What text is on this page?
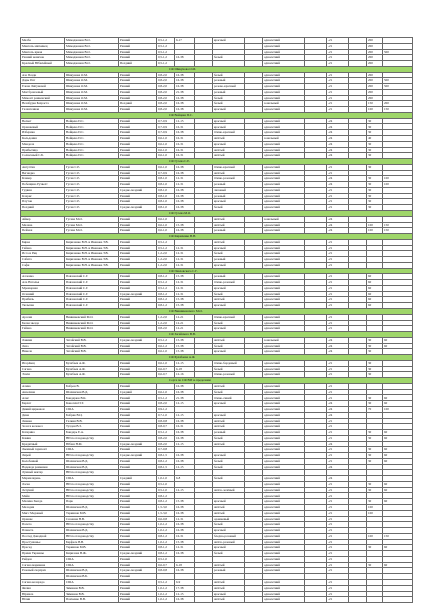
Мелба	Мамаджанов В.О.	Ранний	0,5-1,2	6-17		красный		однолетний		-21		200	
Мантель мягкинец	Мамаджанов В.О.	Ранний	0,5-1,2					однолетний		-21		200	
Мантель яркая	Мамаджанов В.О.	Ранний	0,5-1,2					однолетний		-21		200	500
Ранний новичок	Мамаджанов В.О.	Ранний	0,5-1,2	16-38		белый		однолетний		-21		200	
Красный Юбилейный	Мамаджанов В.О.	Поздний	0,5-1,2					однолетний		-21		200	
СФ Шикунова О.М.													
Аза Поздн	Шикунова О.М.	Ранний	0,8-2,0	16-38		белый		однолетний		-21		200	
Дары Пат	Шикунова О.М.	Ранний	0,8-2,0	16-38		розовый		однолетний		-21		200	500
Елена Ляпуновой	Шикунова О.М.	Ранний	0,8-2,0	16-38		розово-красный		однолетний		-21		200	500
Моё бронзовый	Шикунова О.М.	Ранний	0,8-2,0	21-38		розовый		однолетний		-21		200	
Мамонт ранненский	Шикунова О.М.	Ранний	0,8-2,0	16-38		белый		однолетний		-21		200	
Незабудка Бахраста	Шикунова О.М.	Поздний	0,8-2,0	16-38		белый		зональный		-21		150	200
Галантенная	Шикунова О.М.	Ранний	0,8-2,0	16-38		красный		однолетний		-21		100	150
СФ Войцека П.С.													
Велвет	Войцека П.С.	Ранний	0,7-0,9	12-15		красный		однолетний		-24		30	
Оранжевый	Войцека П.С.	Ранний	0,7-0,9	16-31		красный		однолетний		-24		30	
Изберика	Войцека П.С.	Ранний	0,7-0,9	16-38		тёмно-красный		однолетний		-24		30	
Кольдония	Войцека П.С.	Ранний	0,6-1,0	16-31		жёлтый		зональный		-24		40	
Мандола	Войцека П.С.	Ранний	0,6-1,0	16-31		красный		однолетний		-24		30	
Прибытица	Войцека П.С.	Ранний	0,6-1,0	16-31		жёлтый		однолетний		-24		30	
Солнечный С.Б.	Войцека П.С.	Ранний	0,6-1,0	16-31		жёлтый		однолетний		-24		30	
СФ Гусева С.Е.													
Августин	Гусев С.Е.	Ранний	0,6-1,0	16-38		тёмно-красный		однолетний		-21		30	
Вегнадка	Гусев С.Е.	Ранний	0,7-0,9	16-38		жёлтый		однолетний		-21			
Клевер	Гусев С.Е.	Ранний	0,8-1,0	12-31		тёмно-розовый		однолетний		-24		30	100
Побещино Рузвелт	Гусев С.Е.	Ранний	0,8-1,0	12-31		розовый		однолетний		-24		30	100
Гудвин	Гусев С.Е.	Средне-поздний	0,8-1,0	16-38		лиловый		однолетний		-21		30	
Кларис	Гусев С.Е.	Ранний	0,8-1,0	16-38		розовый		однолетний		-21		30	
Плутон	Гусев С.Е.	Ранний	0,8-1,0	16-38		красный		однолетний		-21		30	
Поздний	Гусев С.Е.	Средне-поздний	0,8-1,0	16-38		белый		однолетний		-21		30	
СФ Гусева М.О.													
Айвер	Гусева М.О.	Ранний	0,6-1,0			жёлтый		зональный		-24			
Мелана	Гусева М.О.	Ранний	0,6-1,0	15-38		жёлтый		однолетний		-24		100	150
Пейзаж	Гусева М.О.	Ранний	0,6-1,0	16-38		розовый		однолетний		-24		100	150
СФ Кириленко В.Н.													
Бирка	Кириленко В.Н. и Иванова Т.В.	Ранний	0,5-1,2			жёлтый		однолетний		-21			
Гайана	Кириленко В.Н. и Иванова Т.В.	Ранний	0,5-1,2	12-31		красный		однолетний		-21			
Исса и Риц	Кириленко В.Н. и Иванова Т.В.	Ранний	1,2-2,0	12-31		белый		однолетний		-21			
Сабита	Кириленко В.Н. и Иванова Т.В.	Ранний	1,2-2,0	12-31		розовый		однолетний		-21			
Сафи	Кириленко В.Н. и Иванова Т.В.	Ранний	1,2-2,0	12-31		красный		однолетний		-21			
СФ Павловского С.Г.													
Алленка	Павловский С.Г.	Ранний	0,8-1,2	15-38		розовый		однолетний		-21		60	
Ала Наталья	Павловский С.Г.	Ранний	0,5-1,2	12-31		тёмно-розовый		однолетний		-21		60	
Мраморная	Павловский С.Г.	Ранний	0,5-1,2	12-31		красный		однолетний		-21		60	
Осенний	Павловский С.Г.	Средне-поздний	0,8-1,2	12-31		белый		однолетний		-21		60	
Прибиль	Павловский С.Г.	Ранний	0,8-1,2	15-38		жёлтый		однолетний		-21		60	
Тюльпан	Павловский С.Г.	Ранний	0,8-1,2	15-38		красный		однолетний		-21		60	
СФ Винниковского М.О.													
Арсеня	Винниковский М.О.	Ранний	1,2-2,0	12-21		тёмно-красный		однолетний		-21			
Белая звезда	Винниковский М.О.	Ранний	1,2-2,0	12-21		белый		однолетний		-21			
Гайана	Винниковский М.О.	Ранний	0,8-2,0	12-21		красный		однолетний		-21			
СФ Загайского В.В.													
Лавиня	Загайский В.В.	Средне-поздний	0,5-1,2	15-38		жёлтый		зональный		-24		30	60
Лиза	Загайский В.В.	Ранний	0,6-1,2	15-38		белый		однолетний		-24		30	60
Никола	Загайский В.В.	Ранний	0,6-1,0	15-38		красный		однолетний		-24		30	
СФ Булабаева А.Ф.													
Игорёвец	Булабаев А.Ф.	Ранний	0,6-1,0	12-15		тёмно-бордовый		однолетний		-21		30	
Сагана	Булабаев А.Ф.	Ранний	0,6-0,7	6-18		белый		однолетний		-21		30	
Эшли	Булабаев А.Ф.	Ранний	0,6-0,7	12-16		тёмно-розовый		однолетний		-21		30	
Сорта по СФ ВИ за пределами													
Алина	Бобров В.	Ранний		16-38		жёлтый		однолетний		-21			
Анзелина	Шахинская В.Д.	Средний	0,6-1,0	16-38		белый		однолетний		-21			
Алис	Бондарюк В.К.	Ранний	0,5-1,2	21-38		тёмно-синий		однолетний		-21		30	60
Бархат	Конопля П.Т.	Ранний	0,8-2,0	12-15		красный		однолетний		-24		30	60
Дикий цирковон	США	Ранний	0,9-1,2					однолетний		-24		70	100
Дина	Бобряк В.Ц.	Ранний	0,7-1,0	12-15		красный		однолетний		-24			
Лианка	Галкин В.В.	Ранний	0,8-0,8	16-38		жёлтый		однолетний		-21			
Золота колокол	Тулдан В.З.	Ранний	0,8-0,7	16-31		жёлтый		однолетний		-21			
Катерина	Бондарь Е.А.	Ранний	0,5-1,2	16-38		розовый		однолетний		-21		30	60
Камин	НИ по плодоводству	Ранний	0,8-2,0	16-38		белый		однолетний		-21		30	60
Кредитный	Юбаш Н.М.	Средне-поздний	0,8-2,0	12-15		жёлтый		однолетний		-24			
Лыжный горизонт	США	Ранний	0,7-0,8					однолетний		-21		30	60
Лирей	НИ по плодоводству	Средне-поздний	0,8-1,5	16-38		красный		однолетний		-21		30	60
Колобанкой	Шахинская В.Д.	Ранний	0,8-1,2	16-38		белый		однолетний		-21		30	60
Надежда ранжевая	Шахинская В.Д.	Ранний	0,8-1,5	12-15		белый		однолетний		-24			
Лунный нектар	НИ по плодоводству												
Мармелядень	США	Средний	1,0-1,0	6-8		белый		однолетний		-24			
Ласка	НИ по плодоводству	Ранний	0,5-1,0					однолетний		-21		30	60
Летуний	НИ по плодоводству	Ранний	0,5-1,0	12-15		жёлто-зелёный		однолетний		-21		30	60
Майя	НИ по плодоводству	Ранний	0,8-1,2					однолетний		-21			
Малина Звезда	Парк	Ранний	0,8-1,2	15-38		красный		однолетний		-21		30	60
Мелодия	Шахинская В.Д.	Ранний	1,5-3,0	16-38		жёлтый		однолетний		-21		100	
Мисс Медовый	Таркинов М.В.	Ранний	1,5-3,0	16-38		жёлтый		однолетний		-21		100	
Оранже	Сюзанна Н.В.	Ранний	0,6-0,8	12-31		оранжевый		однолетний		-21			
Палето	НИ по плодоводству	Ранний	1,0-1,2	16-38		белый		однолетний		-21			
Планета	Шахинская В.Д.	Ранний	1,0-1,2	16-38		красный		однолетний		-21			
Послед Донадной	НИ по плодоводству	Ранний	0,8-1,2	16-31		бледно-розовый		однолетний		-21		100	150
Простушанье	Барфеле В.В.	Ранний	1,0-1,2	15-38		жёлто-розовый		однолетний		-21			
Пресед	Таркинов М.В.	Ранний	0,8-1,2	12-31		красный		однолетний		-21		30	60
Прима Украины	Кирилова В.Ж.	Средне-поздний	0,8-1,2	16-38		белый		однолетний		-21			
Рейден	США	Ранний	0,5-1,0					однолетний		-21			
Сагана марианна	США	Ранний	0,6-0,7	6-18		жёлтый		однолетний		-21		30	60
Розовый сюрприз	Шахинская В.Д.	Средне-поздний	0,8-0,8	16-38		розовый		однолетний		-21			
	Шахинская В.Б.	Ранний											
Сагана колорадо	США	Ранний	0,5-1,2	6-9		жёлтый		однолетний		-21			
Фелия	Зиминов В.В.	Ранний	1,0-1,2	17-38		жёлтый		однолетний		-21			
Юрмала	Зиминов В.В.	Ранний	1,0-1,2	12-15		красный		однолетний		-21			
Юлия	Панченко В.В.	Ранний	1,0-1,2	16-38		жёлтый		однолетний		-21			
